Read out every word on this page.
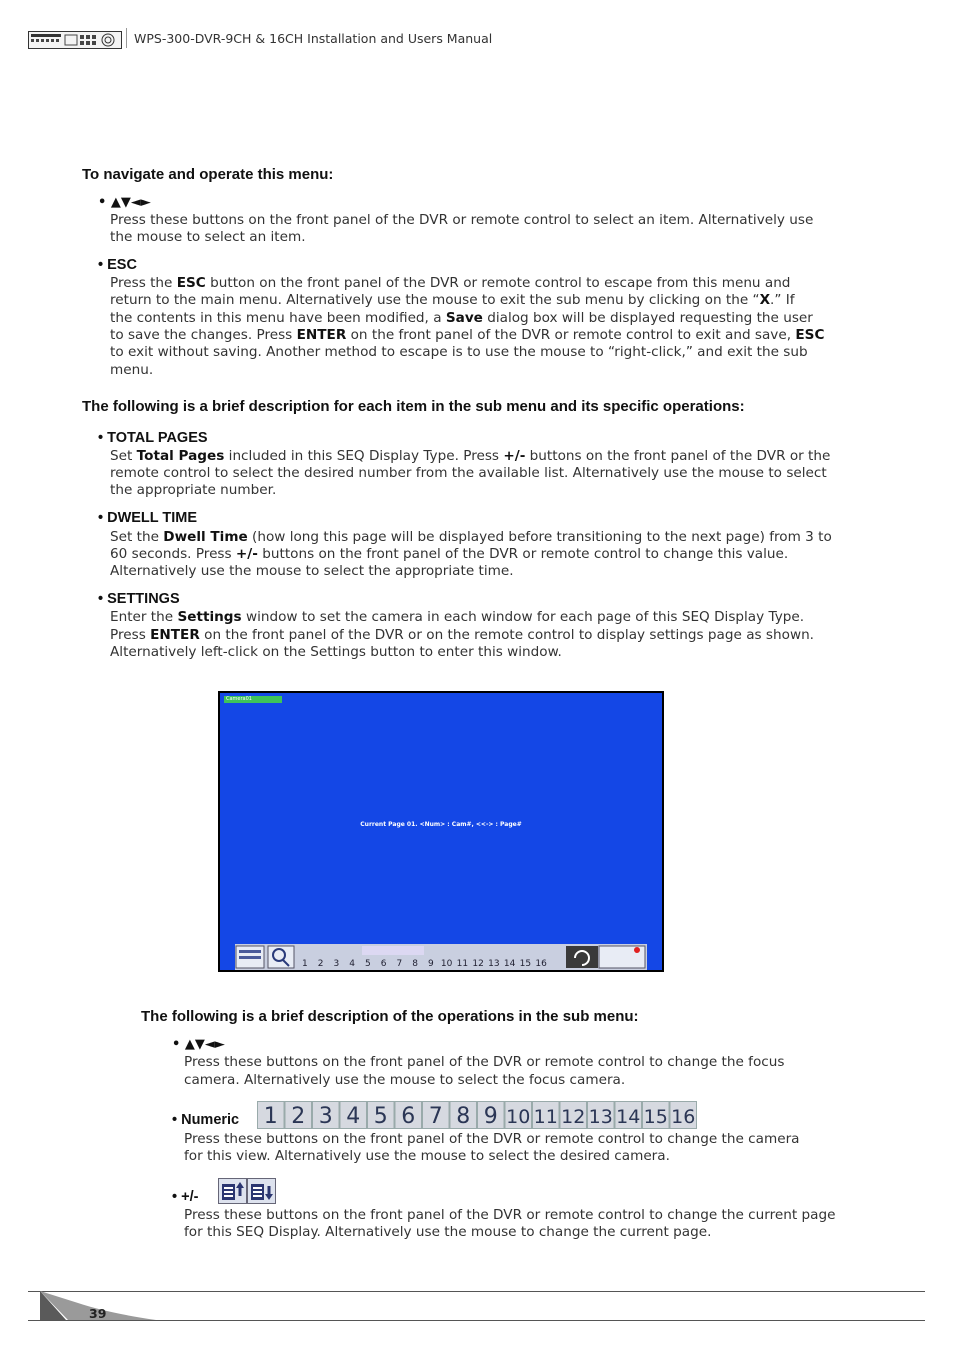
WPS-300-DVR-9CH & 16CH Installation and Users Manual
To navigate and operate this menu:
• ▲▼◄►
Press these buttons on the front panel of the DVR or remote control to select an item. Alternatively use
the mouse to select an item.
• ESC
Press the ESC button on the front panel of the DVR or remote control to escape from this menu and
return to the main menu. Alternatively use the mouse to exit the sub menu by clicking on the “X.” If
the contents in this menu have been modified, a Save dialog box will be displayed requesting the user
to save the changes. Press ENTER on the front panel of the DVR or remote control to exit and save, ESC
to exit without saving. Another method to escape is to use the mouse to “right-click,” and exit the sub
menu.
The following is a brief description for each item in the sub menu and its specific operations:
• TOTAL PAGES
Set Total Pages included in this SEQ Display Type. Press +/- buttons on the front panel of the DVR or the
remote control to select the desired number from the available list. Alternatively use the mouse to select
the appropriate number.
• DWELL TIME
Set the Dwell Time (how long this page will be displayed before transitioning to the next page) from 3 to
60 seconds. Press +/- buttons on the front panel of the DVR or remote control to change this value.
Alternatively use the mouse to select the appropriate time.
• SETTINGS
Enter the Settings window to set the camera in each window for each page of this SEQ Display Type.
Press ENTER on the front panel of the DVR or on the remote control to display settings page as shown.
Alternatively left-click on the Settings button to enter this window.
Camera01
Current Page 01. <Num> : Cam#, <<-> : Page#
1 2 3 4 5 6 7 8 9 10 11 12 13 14 15 16
The following is a brief description of the operations in the sub menu:
• ▲▼◄►
Press these buttons on the front panel of the DVR or remote control to change the focus
camera. Alternatively use the mouse to select the focus camera.
• Numeric 1 2 3 4 5 6 7 8 9 10 11 12 13 14 15 16
Press these buttons on the front panel of the DVR or remote control to change the camera
for this view. Alternatively use the mouse to select the desired camera.
• +/-
Press these buttons on the front panel of the DVR or remote control to change the current page
for this SEQ Display. Alternatively use the mouse to change the current page.
39
